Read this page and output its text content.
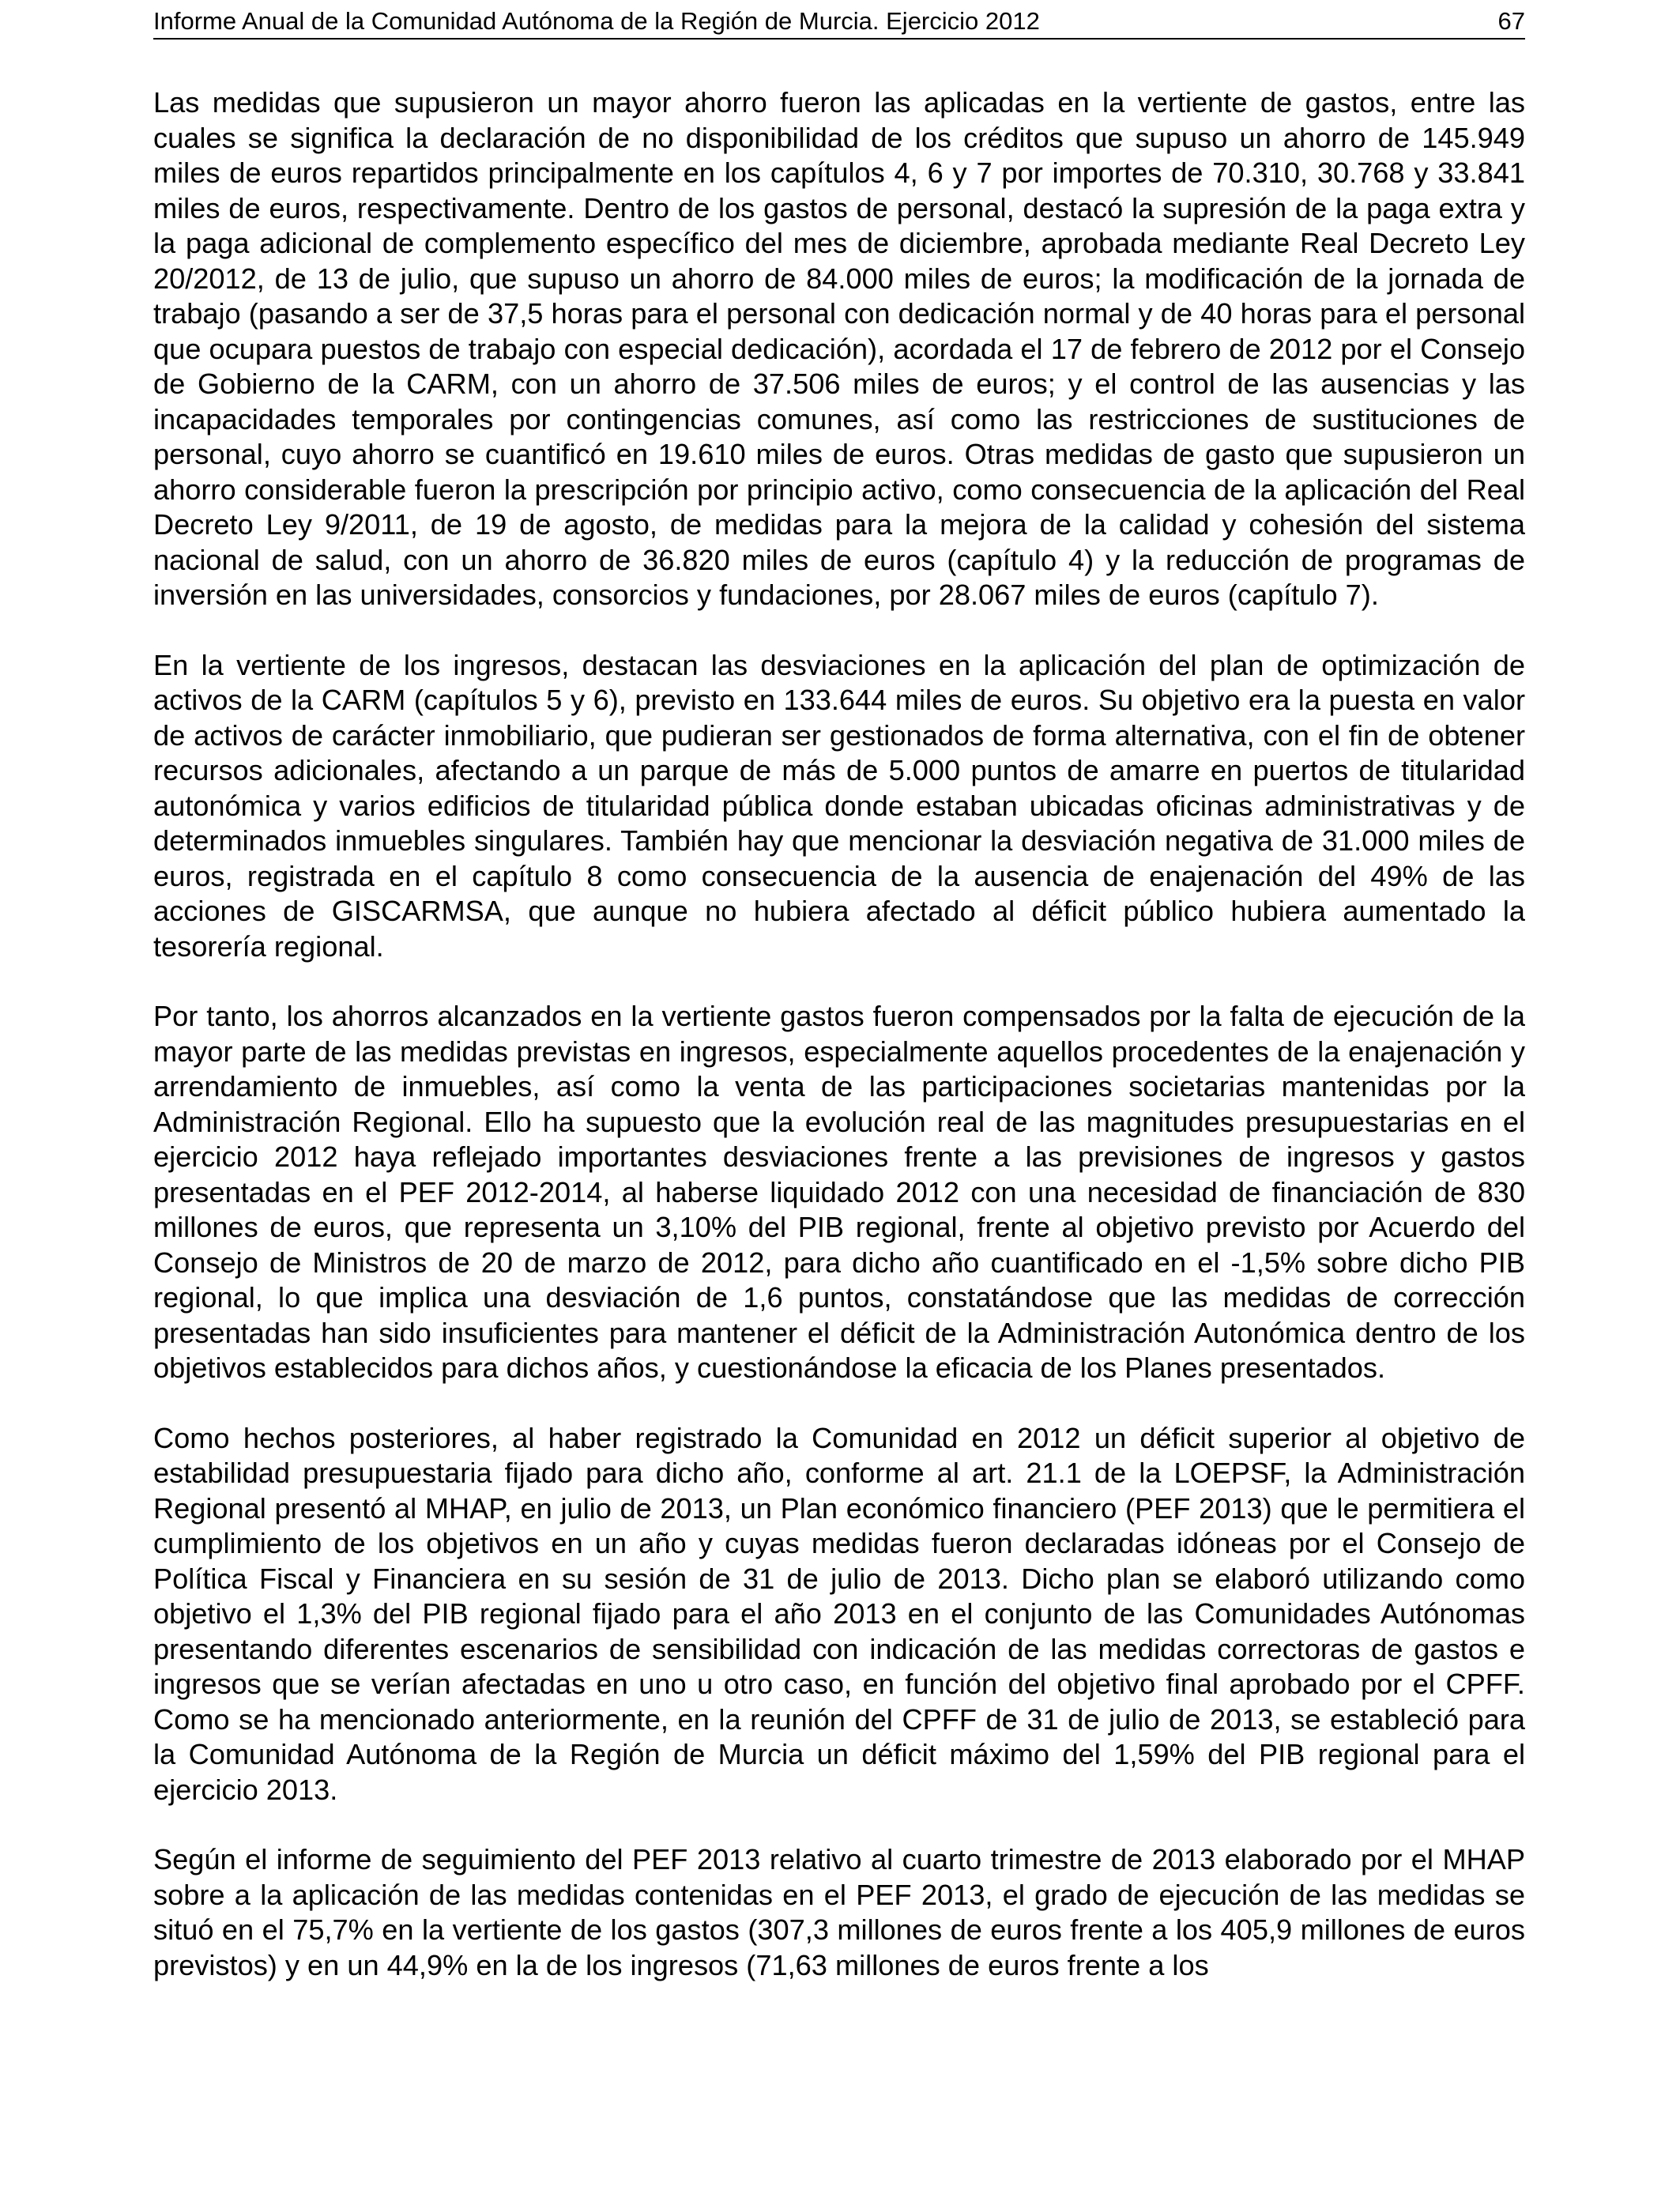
Informe Anual de la Comunidad Autónoma de la Región de Murcia. Ejercicio 2012	67

Las medidas que supusieron un mayor ahorro fueron las aplicadas en la vertiente de gastos, entre las cuales se significa la declaración de no disponibilidad de los créditos que supuso un ahorro de 145.949 miles de euros repartidos principalmente en los capítulos 4, 6 y 7 por importes de 70.310, 30.768 y 33.841 miles de euros, respectivamente. Dentro de los gastos de personal, destacó la supresión de la paga extra y la paga adicional de complemento específico del mes de diciembre, aprobada mediante Real Decreto Ley 20/2012, de 13 de julio, que supuso un ahorro de 84.000 miles de euros; la modificación de la jornada de trabajo (pasando a ser de 37,5 horas para el personal con dedicación normal y de 40 horas para el personal que ocupara puestos de trabajo con especial dedicación), acordada el 17 de febrero de 2012 por el Consejo de Gobierno de la CARM, con un ahorro de 37.506 miles de euros; y el control de las ausencias y las incapacidades temporales por contingencias comunes, así como las restricciones de sustituciones de personal, cuyo ahorro se cuantificó en 19.610 miles de euros. Otras medidas de gasto que supusieron un ahorro considerable fueron la prescripción por principio activo, como consecuencia de la aplicación del Real Decreto Ley 9/2011, de 19 de agosto, de medidas para la mejora de la calidad y cohesión del sistema nacional de salud, con un ahorro de 36.820 miles de euros (capítulo 4) y la reducción de programas de inversión en las universidades, consorcios y fundaciones, por 28.067 miles de euros (capítulo 7).

En la vertiente de los ingresos, destacan las desviaciones en la aplicación del plan de optimización de activos de la CARM (capítulos 5 y 6), previsto en 133.644 miles de euros. Su objetivo era la puesta en valor de activos de carácter inmobiliario, que pudieran ser gestionados de forma alternativa, con el fin de obtener recursos adicionales, afectando a un parque de más de 5.000 puntos de amarre en puertos de titularidad autonómica y varios edificios de titularidad pública donde estaban ubicadas oficinas administrativas y de determinados inmuebles singulares. También hay que mencionar la desviación negativa de 31.000 miles de euros, registrada en el capítulo 8 como consecuencia de la ausencia de enajenación del 49% de las acciones de GISCARMSA, que aunque no hubiera afectado al déficit público hubiera aumentado la tesorería regional.

Por tanto, los ahorros alcanzados en la vertiente gastos fueron compensados por la falta de ejecución de la mayor parte de las medidas previstas en ingresos, especialmente aquellos procedentes de la enajenación y arrendamiento de inmuebles, así como la venta de las participaciones societarias mantenidas por la Administración Regional. Ello ha supuesto que la evolución real de las magnitudes presupuestarias en el ejercicio 2012 haya reflejado importantes desviaciones frente a las previsiones de ingresos y gastos presentadas en el PEF 2012-2014, al haberse liquidado 2012 con una necesidad de financiación de 830 millones de euros, que representa un 3,10% del PIB regional, frente al objetivo previsto por Acuerdo del Consejo de Ministros de 20 de marzo de 2012, para dicho año cuantificado en el -1,5% sobre dicho PIB regional, lo que implica una desviación de 1,6 puntos, constatándose que las medidas de corrección presentadas han sido insuficientes para mantener el déficit de la Administración Autonómica dentro de los objetivos establecidos para dichos años, y cuestionándose la eficacia de los Planes presentados.

Como hechos posteriores, al haber registrado la Comunidad en 2012 un déficit superior al objetivo de estabilidad presupuestaria fijado para dicho año, conforme al art. 21.1 de la LOEPSF, la Administración Regional presentó al MHAP, en julio de 2013, un Plan económico financiero (PEF 2013) que le permitiera el cumplimiento de los objetivos en un año y cuyas medidas fueron declaradas idóneas por el Consejo de Política Fiscal y Financiera en su sesión de 31 de julio de 2013. Dicho plan se elaboró utilizando como objetivo el 1,3% del PIB regional fijado para el año 2013 en el conjunto de las Comunidades Autónomas presentando diferentes escenarios de sensibilidad con indicación de las medidas correctoras de gastos e ingresos que se verían afectadas en uno u otro caso, en función del objetivo final aprobado por el CPFF. Como se ha mencionado anteriormente, en la reunión del CPFF de 31 de julio de 2013, se estableció para la Comunidad Autónoma de la Región de Murcia un déficit máximo del 1,59% del PIB regional para el ejercicio 2013.

Según el informe de seguimiento del PEF 2013 relativo al cuarto trimestre de 2013 elaborado por el MHAP sobre a la aplicación de las medidas contenidas en el PEF 2013, el grado de ejecución de las medidas se situó en el 75,7% en la vertiente de los gastos (307,3 millones de euros frente a los 405,9 millones de euros previstos) y en un 44,9% en la de los ingresos (71,63 millones de euros frente a los
